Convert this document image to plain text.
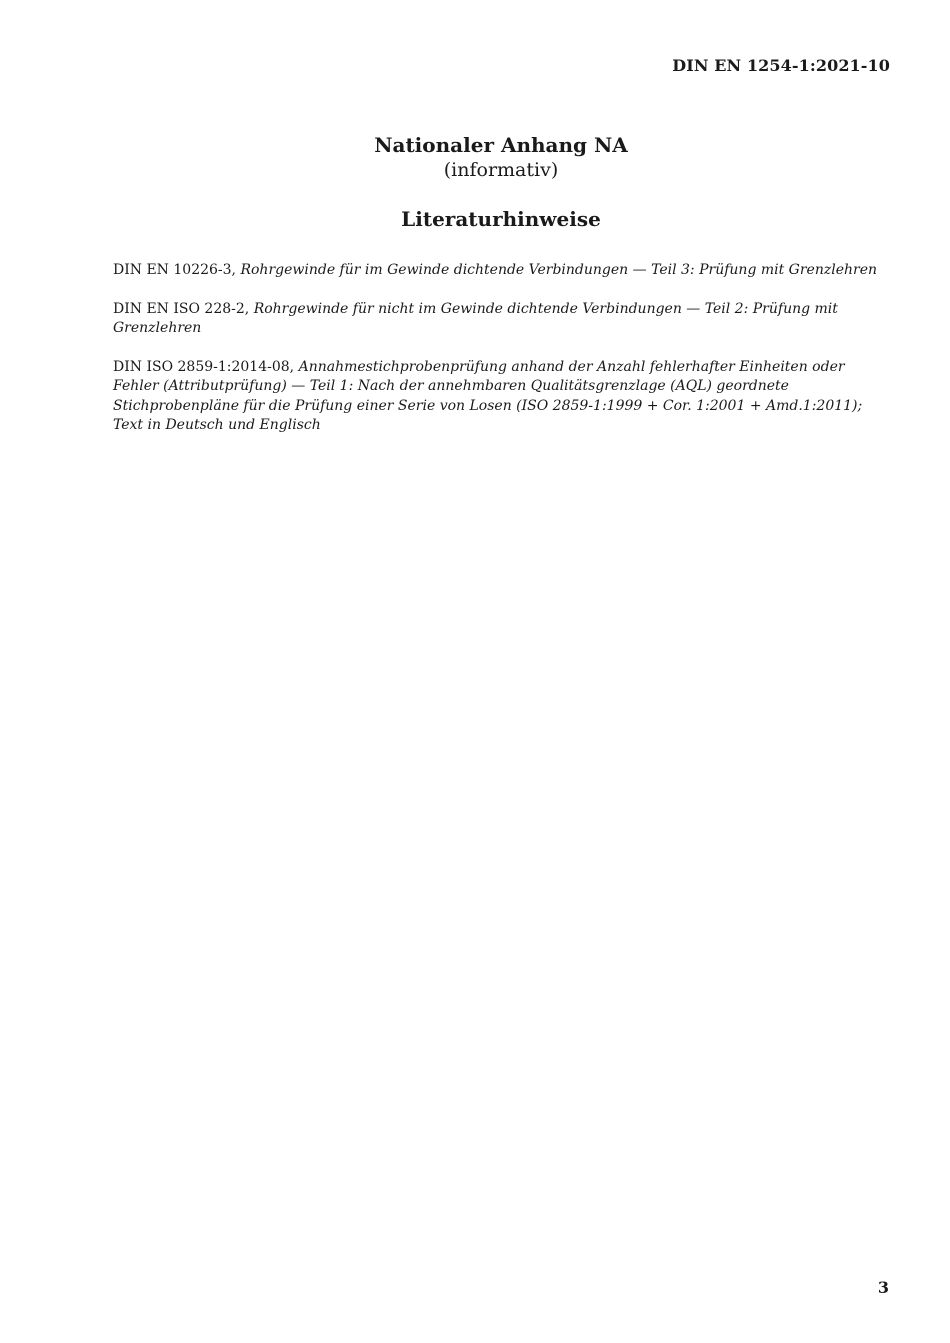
DIN EN 1254-1:2021-10
Nationaler Anhang NA
(informativ)
Literaturhinweise

DIN EN 10226-3, Rohrgewinde für im Gewinde dichtende Verbindungen — Teil 3: Prüfung mit Grenzlehren

DIN EN ISO 228-2, Rohrgewinde für nicht im Gewinde dichtende Verbindungen — Teil 2: Prüfung mit Grenzlehren

DIN ISO 2859-1:2014-08, Annahmestichprobenprüfung anhand der Anzahl fehlerhafter Einheiten oder Fehler (Attributprüfung) — Teil 1: Nach der annehmbaren Qualitätsgrenzlage (AQL) geordnete Stichprobenpläne für die Prüfung einer Serie von Losen (ISO 2859-1:1999 + Cor. 1:2001 + Amd.1:2011); Text in Deutsch und Englisch

3
